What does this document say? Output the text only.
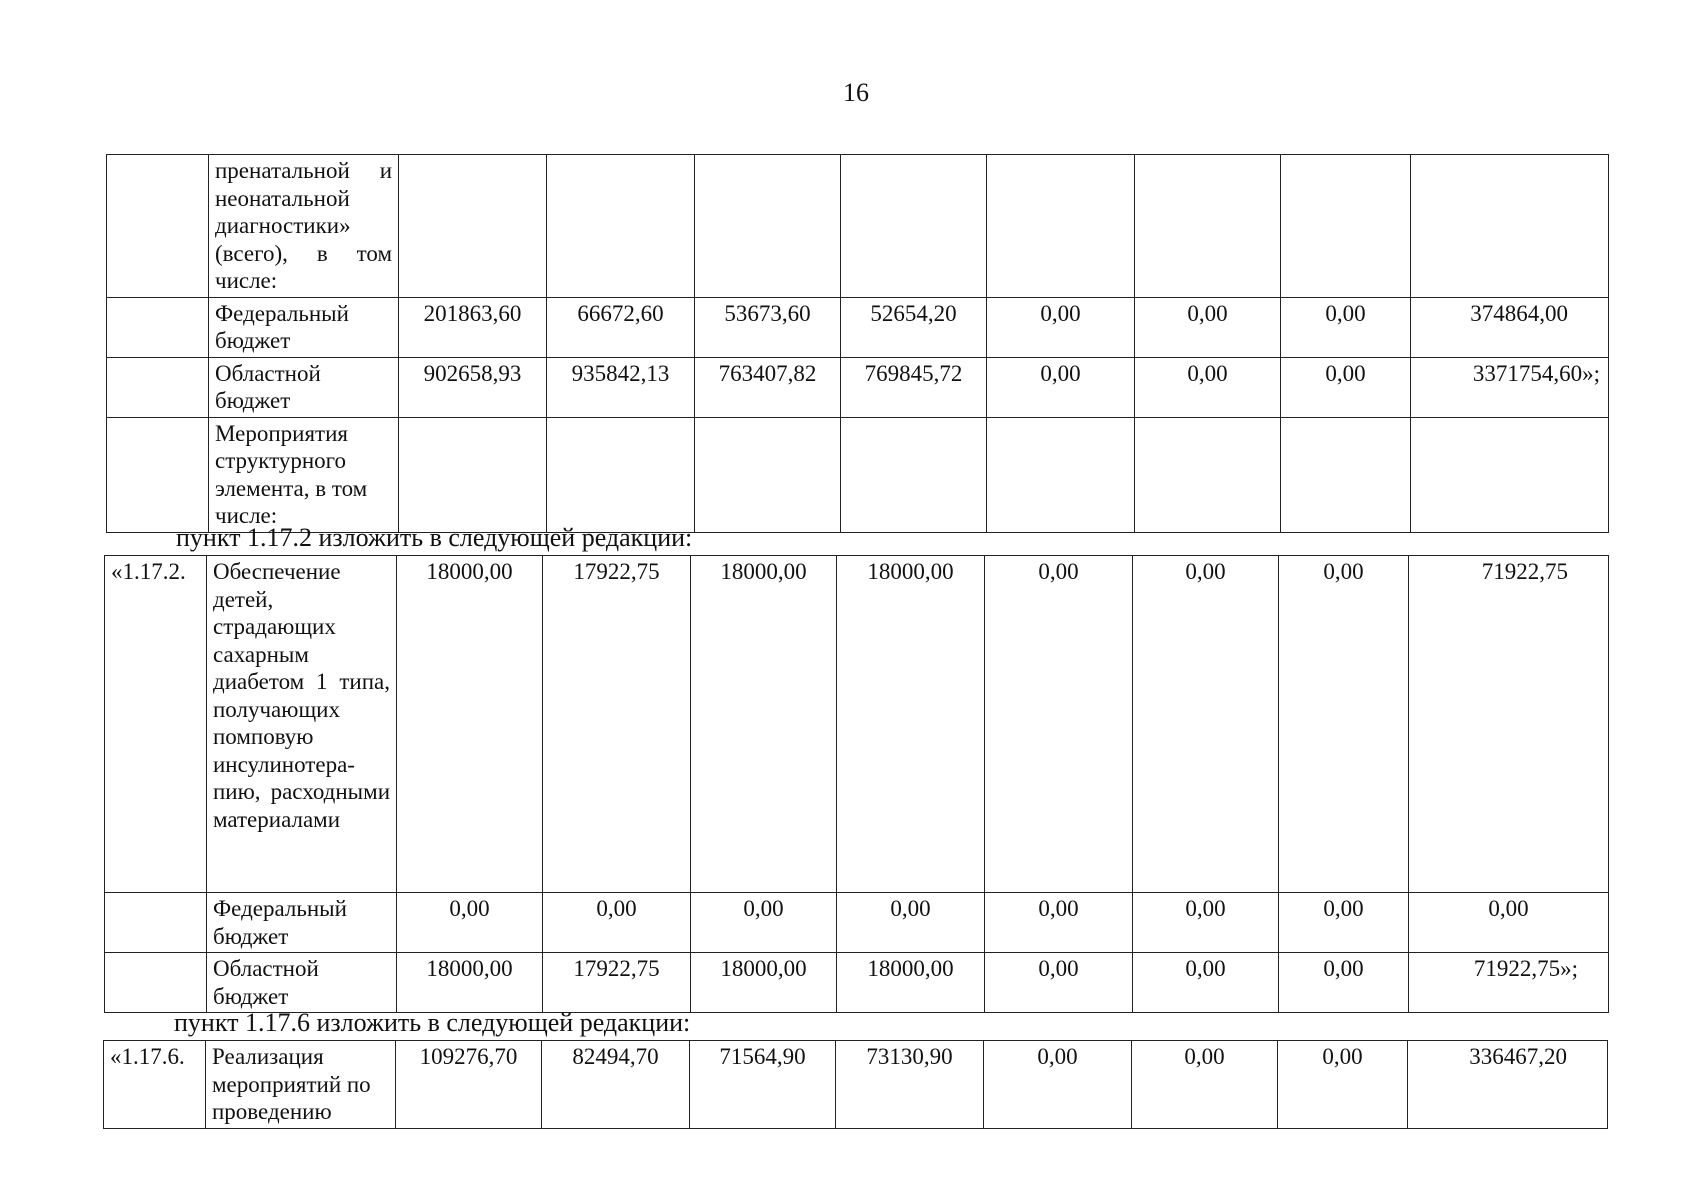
16
	пренатальной и неонатальной диагностики» (всего), в том числе:								
	Федеральный бюджет	201863,60	66672,60	53673,60	52654,20	0,00	0,00	0,00	374864,00
	Областной бюджет	902658,93	935842,13	763407,82	769845,72	0,00	0,00	0,00	3371754,60»;
	Мероприятия структурного элемента, в том числе:								
пункт 1.17.2 изложить в следующей редакции:
«1.17.2.	Обеспечение детей, страдающих сахарным диабетом 1 типа, получающих помповую инсулинотера-пию, расходными материалами	18000,00	17922,75	18000,00	18000,00	0,00	0,00	0,00	71922,75
	Федеральный бюджет	0,00	0,00	0,00	0,00	0,00	0,00	0,00	0,00
	Областной бюджет	18000,00	17922,75	18000,00	18000,00	0,00	0,00	0,00	71922,75»;
пункт 1.17.6 изложить в следующей редакции:
«1.17.6.	Реализация мероприятий по проведению	109276,70	82494,70	71564,90	73130,90	0,00	0,00	0,00	336467,20
